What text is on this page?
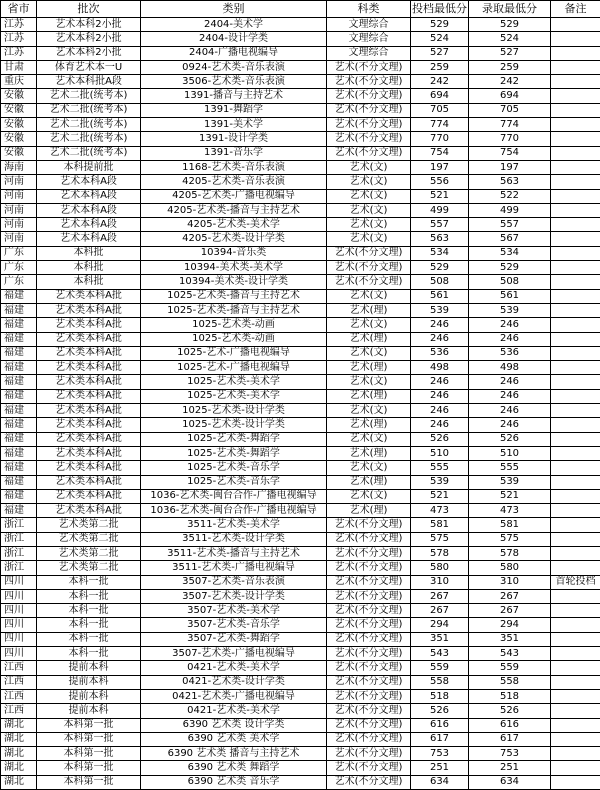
省市	批次	类别	科类	投档最低分	录取最低分	备注
江苏	艺术本科2小批	2404-美术学	文理综合	529	529	
江苏	艺术本科2小批	2404-设计学类	文理综合	524	524	
江苏	艺术本科2小批	2404-广播电视编导	文理综合	527	527	
甘肃	体育艺术本一U	0924-艺术类-音乐表演	艺术(不分文理)	259	259	
重庆	艺术本科批A段	3506-艺术类-音乐表演	艺术(不分文理)	242	242	
安徽	艺术二批(统考本)	1391-播音与主持艺术	艺术(不分文理)	694	694	
安徽	艺术二批(统考本)	1391-舞蹈学	艺术(不分文理)	705	705	
安徽	艺术二批(统考本)	1391-美术学	艺术(不分文理)	774	774	
安徽	艺术二批(统考本)	1391-设计学类	艺术(不分文理)	770	770	
安徽	艺术二批(统考本)	1391-音乐学	艺术(不分文理)	754	754	
海南	本科提前批	1168-艺术类-音乐表演	艺术(文)	197	197	
河南	艺术本科A段	4205-艺术类-音乐表演	艺术(文)	556	563	
河南	艺术本科A段	4205-艺术类-广播电视编导	艺术(文)	521	522	
河南	艺术本科A段	4205-艺术类-播音与主持艺术	艺术(文)	499	499	
河南	艺术本科A段	4205-艺术类-美术学	艺术(文)	557	557	
河南	艺术本科A段	4205-艺术类-设计学类	艺术(文)	563	567	
广东	本科批	10394-音乐类	艺术(不分文理)	534	534	
广东	本科批	10394-美术类-美术学	艺术(不分文理)	529	529	
广东	本科批	10394-美术类-设计学类	艺术(不分文理)	508	508	
福建	艺术类本科A批	1025-艺术类-播音与主持艺术	艺术(文)	561	561	
福建	艺术类本科A批	1025-艺术类-播音与主持艺术	艺术(理)	539	539	
福建	艺术类本科A批	1025-艺术类-动画	艺术(文)	246	246	
福建	艺术类本科A批	1025-艺术类-动画	艺术(理)	246	246	
福建	艺术类本科A批	1025-艺术-广播电视编导	艺术(文)	536	536	
福建	艺术类本科A批	1025-艺术-广播电视编导	艺术(理)	498	498	
福建	艺术类本科A批	1025-艺术类-美术学	艺术(文)	246	246	
福建	艺术类本科A批	1025-艺术类-美术学	艺术(理)	246	246	
福建	艺术类本科A批	1025-艺术类-设计学类	艺术(文)	246	246	
福建	艺术类本科A批	1025-艺术类-设计学类	艺术(理)	246	246	
福建	艺术类本科A批	1025-艺术类-舞蹈学	艺术(文)	526	526	
福建	艺术类本科A批	1025-艺术类-舞蹈学	艺术(理)	510	510	
福建	艺术类本科A批	1025-艺术类-音乐学	艺术(文)	555	555	
福建	艺术类本科A批	1025-艺术类-音乐学	艺术(理)	539	539	
福建	艺术类本科A批	1036-艺术类-闽台合作-广播电视编导	艺术(文)	521	521	
福建	艺术类本科A批	1036-艺术类-闽台合作-广播电视编导	艺术(理)	473	473	
浙江	艺术类第二批	3511-艺术类-美术学	艺术(不分文理)	581	581	
浙江	艺术类第二批	3511-艺术类-设计学类	艺术(不分文理)	575	575	
浙江	艺术类第二批	3511-艺术类-播音与主持艺术	艺术(不分文理)	578	578	
浙江	艺术类第二批	3511-艺术类-广播电视编导	艺术(不分文理)	580	580	
四川	本科一批	3507-艺术类-音乐表演	艺术(不分文理)	310	310	首轮投档
四川	本科一批	3507-艺术类-设计学类	艺术(不分文理)	267	267	
四川	本科一批	3507-艺术类-美术学	艺术(不分文理)	267	267	
四川	本科一批	3507-艺术类-音乐学	艺术(不分文理)	294	294	
四川	本科一批	3507-艺术类-舞蹈学	艺术(不分文理)	351	351	
四川	本科一批	3507-艺术类-广播电视编导	艺术(不分文理)	543	543	
江西	提前本科	0421-艺术类-美术学	艺术(不分文理)	559	559	
江西	提前本科	0421-艺术类-设计学类	艺术(不分文理)	558	558	
江西	提前本科	0421-艺术类-广播电视编导	艺术(不分文理)	518	518	
江西	提前本科	0421-艺术类-美术学	艺术(不分文理)	526	526	
湖北	本科第一批	6390 艺术类 设计学类	艺术(不分文理)	616	616	
湖北	本科第一批	6390 艺术类 美术学	艺术(不分文理)	617	617	
湖北	本科第一批	6390 艺术类 播音与主持艺术	艺术(不分文理)	753	753	
湖北	本科第一批	6390 艺术类 舞蹈学	艺术(不分文理)	251	251	
湖北	本科第一批	6390 艺术类 音乐学	艺术(不分文理)	634	634	
